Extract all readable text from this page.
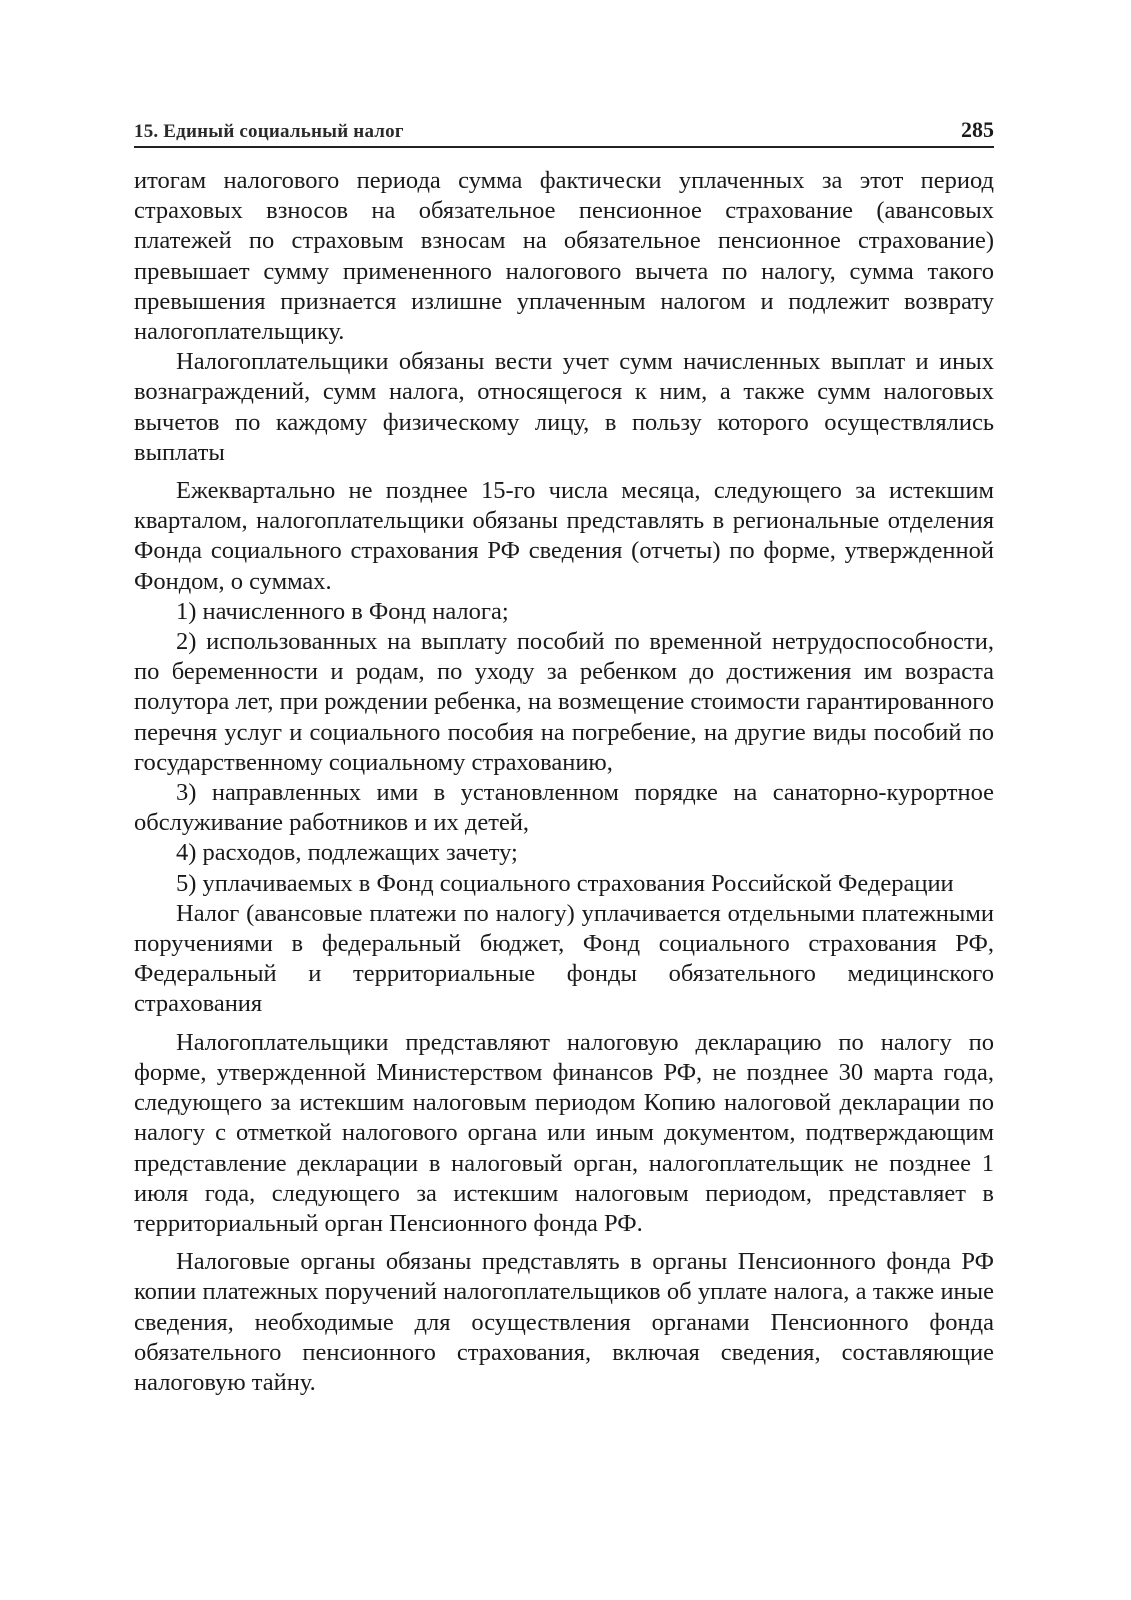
15. Единый социальный налог	285

итогам налогового периода сумма фактически уплаченных за этот период страховых взносов на обязательное пенсионное страхование (авансовых платежей по страховым взносам на обязательное пенсионное страхование) превышает сумму примененного налогового вычета по налогу, сумма такого превышения признается излишне уплаченным налогом и подлежит возврату налогоплательщику.

Налогоплательщики обязаны вести учет сумм начисленных выплат и иных вознаграждений, сумм налога, относящегося к ним, а также сумм налоговых вычетов по каждому физическому лицу, в пользу которого осуществлялись выплаты

Ежеквартально не позднее 15-го числа месяца, следующего за истекшим кварталом, налогоплательщики обязаны представлять в региональные отделения Фонда социального страхования РФ сведения (отчеты) по форме, утвержденной Фондом, о суммах.

1) начисленного в Фонд налога;

2) использованных на выплату пособий по временной нетрудоспособности, по беременности и родам, по уходу за ребенком до достижения им возраста полутора лет, при рождении ребенка, на возмещение стоимости гарантированного перечня услуг и социального пособия на погребение, на другие виды пособий по государственному социальному страхованию,

3) направленных ими в установленном порядке на санаторно-курортное обслуживание работников и их детей,

4) расходов, подлежащих зачету;

5) уплачиваемых в Фонд социального страхования Российской Федерации

Налог (авансовые платежи по налогу) уплачивается отдельными платежными поручениями в федеральный бюджет, Фонд социального страхования РФ, Федеральный и территориальные фонды обязательного медицинского страхования

Налогоплательщики представляют налоговую декларацию по налогу по форме, утвержденной Министерством финансов РФ, не позднее 30 марта года, следующего за истекшим налоговым периодом Копию налоговой декларации по налогу с отметкой налогового органа или иным документом, подтверждающим представление декларации в налоговый орган, налогоплательщик не позднее 1 июля года, следующего за истекшим налоговым периодом, представляет в территориальный орган Пенсионного фонда РФ.

Налоговые органы обязаны представлять в органы Пенсионного фонда РФ копии платежных поручений налогоплательщиков об уплате налога, а также иные сведения, необходимые для осуществления органами Пенсионного фонда обязательного пенсионного страхования, включая сведения, составляющие налоговую тайну.
